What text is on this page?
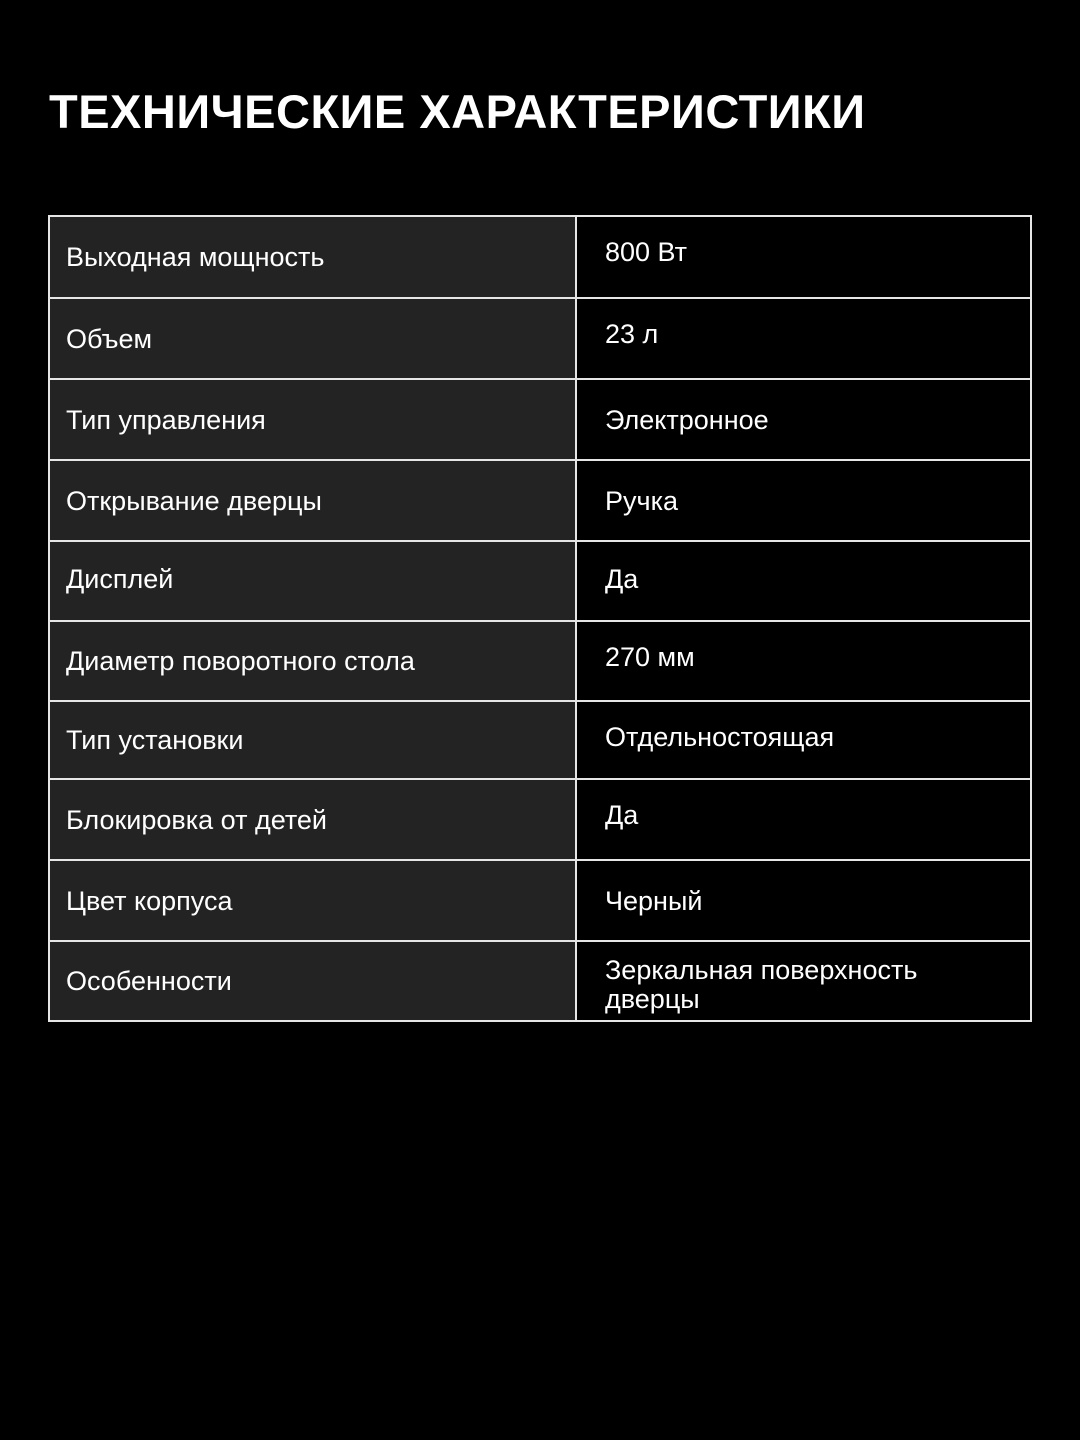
ТЕХНИЧЕСКИЕ ХАРАКТЕРИСТИКИ
Выходная мощность	800 Вт
Объем	23 л
Тип управления	Электронное
Открывание дверцы	Ручка
Дисплей	Да
Диаметр поворотного стола	270 мм
Тип установки	Отдельностоящая
Блокировка от детей	Да
Цвет корпуса	Черный
Особенности	Зеркальная поверхность дверцы
